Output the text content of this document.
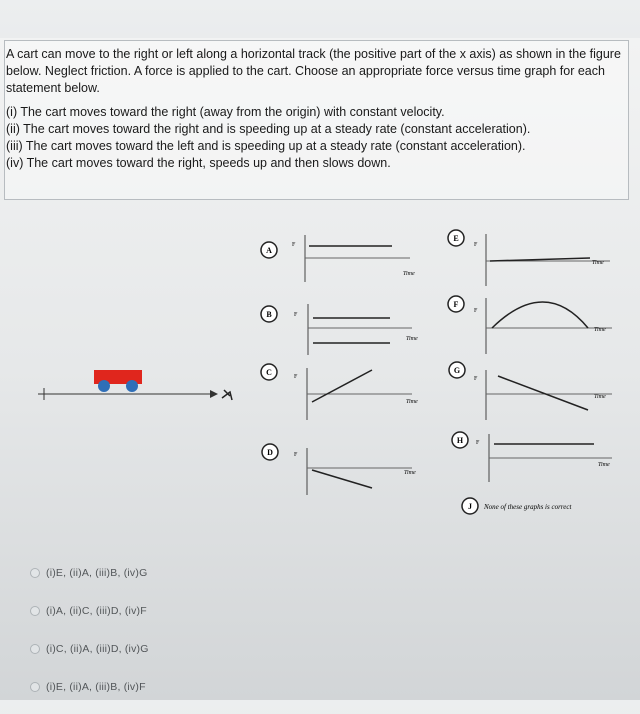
A cart can move to the right or left along a horizontal track (the positive part of the x axis) as shown in the figure below. Neglect friction. A force is applied to the cart. Choose an appropriate force versus time graph for each statement below.

(i) The cart moves toward the right (away from the origin) with constant velocity.
(ii) The cart moves toward the right and is speeding up at a steady rate (constant acceleration).
(iii) The cart moves toward the left and is speeding up at a steady rate (constant acceleration).
(iv) The cart moves toward the right, speeds up and then slows down.
A
F
Time
B	F
Time
C	F
Time
D	F
Time
E
F
Time
F
F
Time
G
F
Time
H F
Time
J None of these graphs is correct
(i)E, (ii)A, (iii)B, (iv)G
(i)A, (ii)C, (iii)D, (iv)F
(i)C, (ii)A, (iii)D, (iv)G
(i)E, (ii)A, (iii)B, (iv)F
